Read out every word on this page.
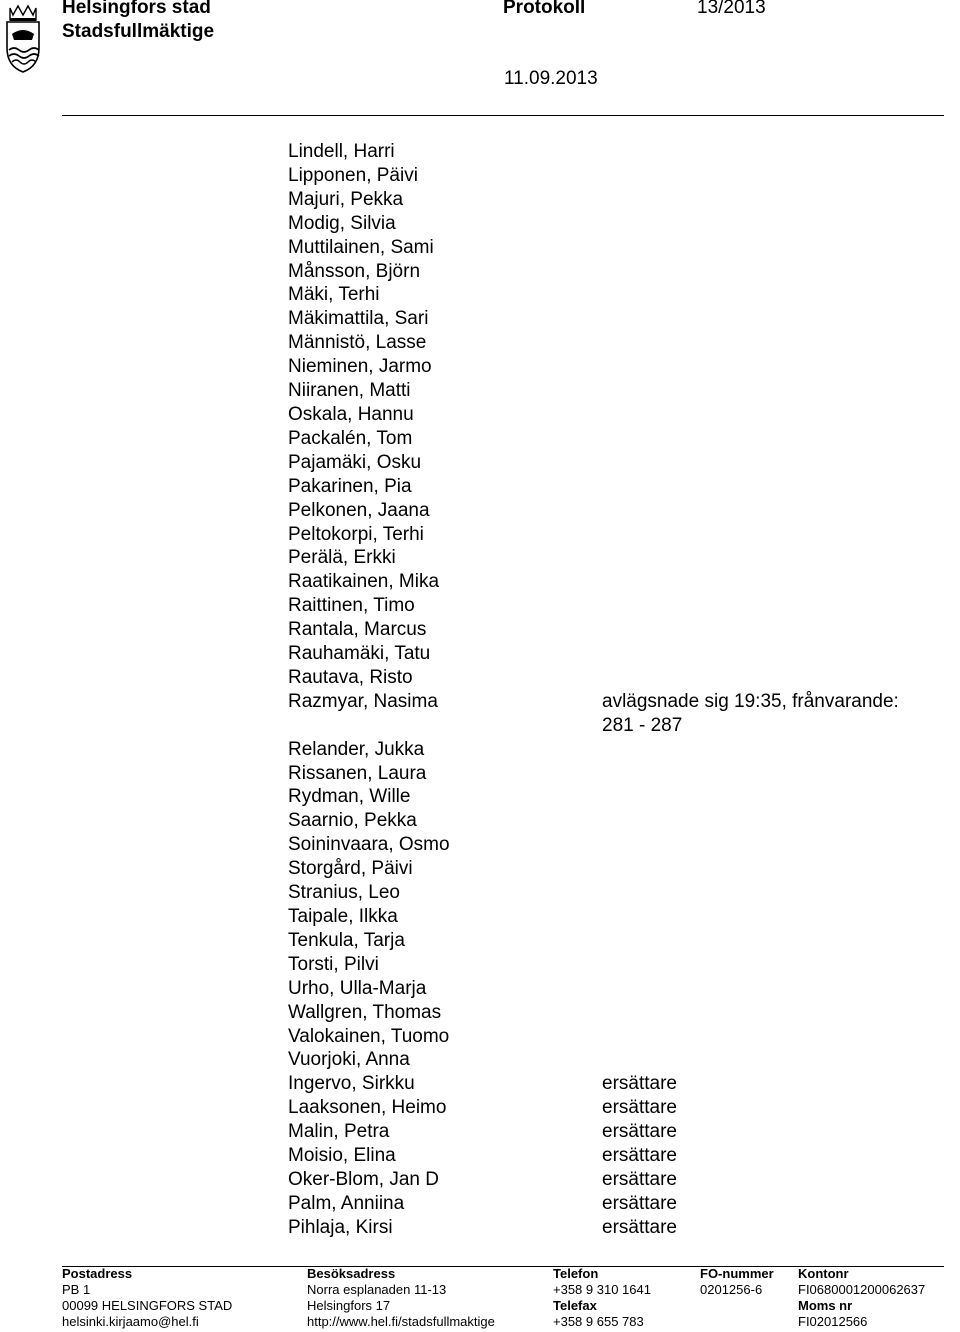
Helsingfors stad
Stadsfullmäktige
Protokoll	13/2013
11.09.2013
Lindell, Harri
Lipponen, Päivi
Majuri, Pekka
Modig, Silvia
Muttilainen, Sami
Månsson, Björn
Mäki, Terhi
Mäkimattila, Sari
Männistö, Lasse
Nieminen, Jarmo
Niiranen, Matti
Oskala, Hannu
Packalén, Tom
Pajamäki, Osku
Pakarinen, Pia
Pelkonen, Jaana
Peltokorpi, Terhi
Perälä, Erkki
Raatikainen, Mika
Raittinen, Timo
Rantala, Marcus
Rauhamäki, Tatu
Rautava, Risto
Razmyar, Nasima	avlägsnade sig 19:35, frånvarande:
281 - 287
Relander, Jukka
Rissanen, Laura
Rydman, Wille
Saarnio, Pekka
Soininvaara, Osmo
Storgård, Päivi
Stranius, Leo
Taipale, Ilkka
Tenkula, Tarja
Torsti, Pilvi
Urho, Ulla-Marja
Wallgren, Thomas
Valokainen, Tuomo
Vuorjoki, Anna
Ingervo, Sirkku	ersättare
Laaksonen, Heimo	ersättare
Malin, Petra	ersättare
Moisio, Elina	ersättare
Oker-Blom, Jan D	ersättare
Palm, Anniina	ersättare
Pihlaja, Kirsi	ersättare
Postadress
PB 1
00099 HELSINGFORS STAD
helsinki.kirjaamo@hel.fi
Besöksadress
Norra esplanaden 11-13
Helsingfors 17
http://www.hel.fi/stadsfullmaktige
Telefon
+358 9 310 1641
Telefax
+358 9 655 783
FO-nummer
0201256-6
Kontonr
FI0680001200062637
Moms nr
FI02012566
